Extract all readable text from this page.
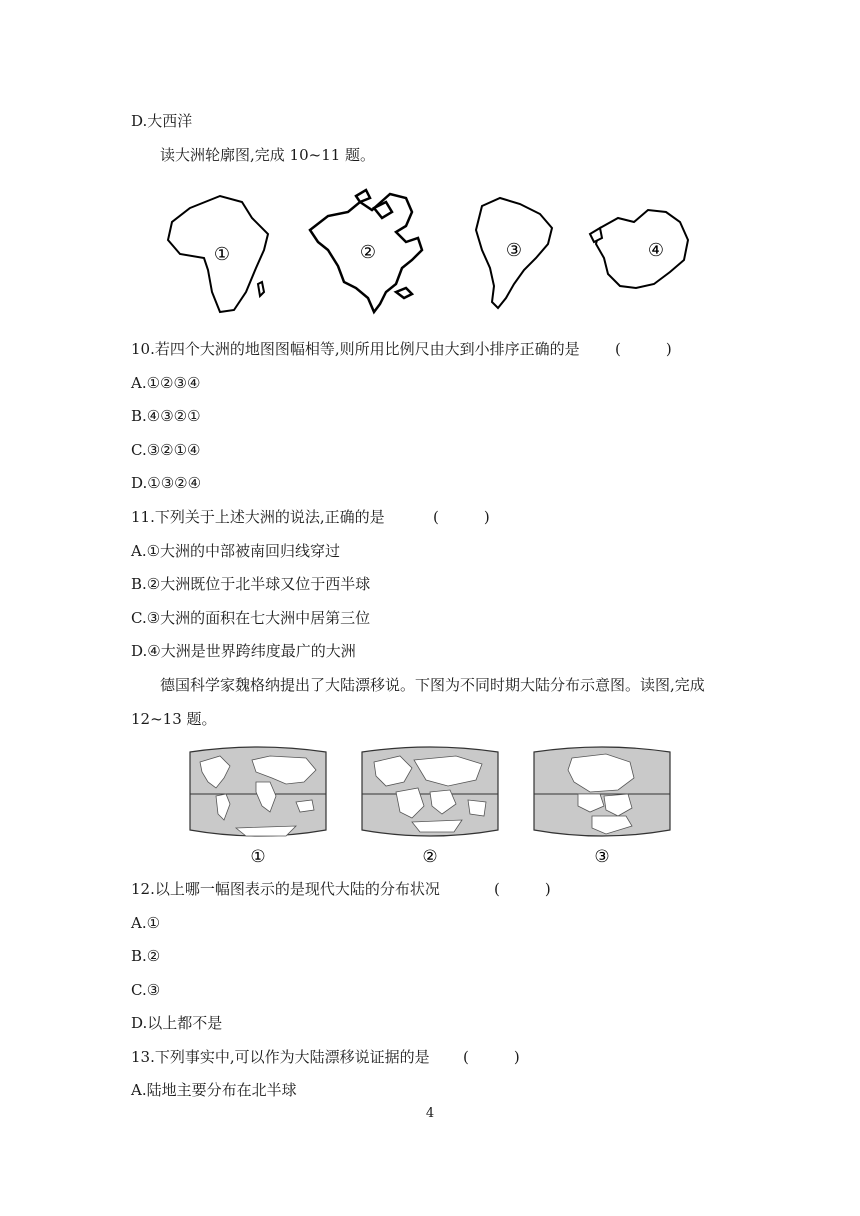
D.大西洋
读大洲轮廓图,完成 10~11 题。
①	②	③	④
10.若四个大洲的地图图幅相等,则所用比例尺由大到小排序正确的是 (　　　)
A.①②③④
B.④③②①
C.③②①④
D.①③②④
11.下列关于上述大洲的说法,正确的是	(　　　)
A.①大洲的中部被南回归线穿过
B.②大洲既位于北半球又位于西半球
C.③大洲的面积在七大洲中居第三位
D.④大洲是世界跨纬度最广的大洲
德国科学家魏格纳提出了大陆漂移说。下图为不同时期大陆分布示意图。读图,完成
12~13 题。
①	②	③
12.以上哪一幅图表示的是现代大陆的分布状况	(　　　)
A.①
B.②
C.③
D.以上都不是
13.下列事实中,可以作为大陆漂移说证据的是 (　　　)
A.陆地主要分布在北半球
4
